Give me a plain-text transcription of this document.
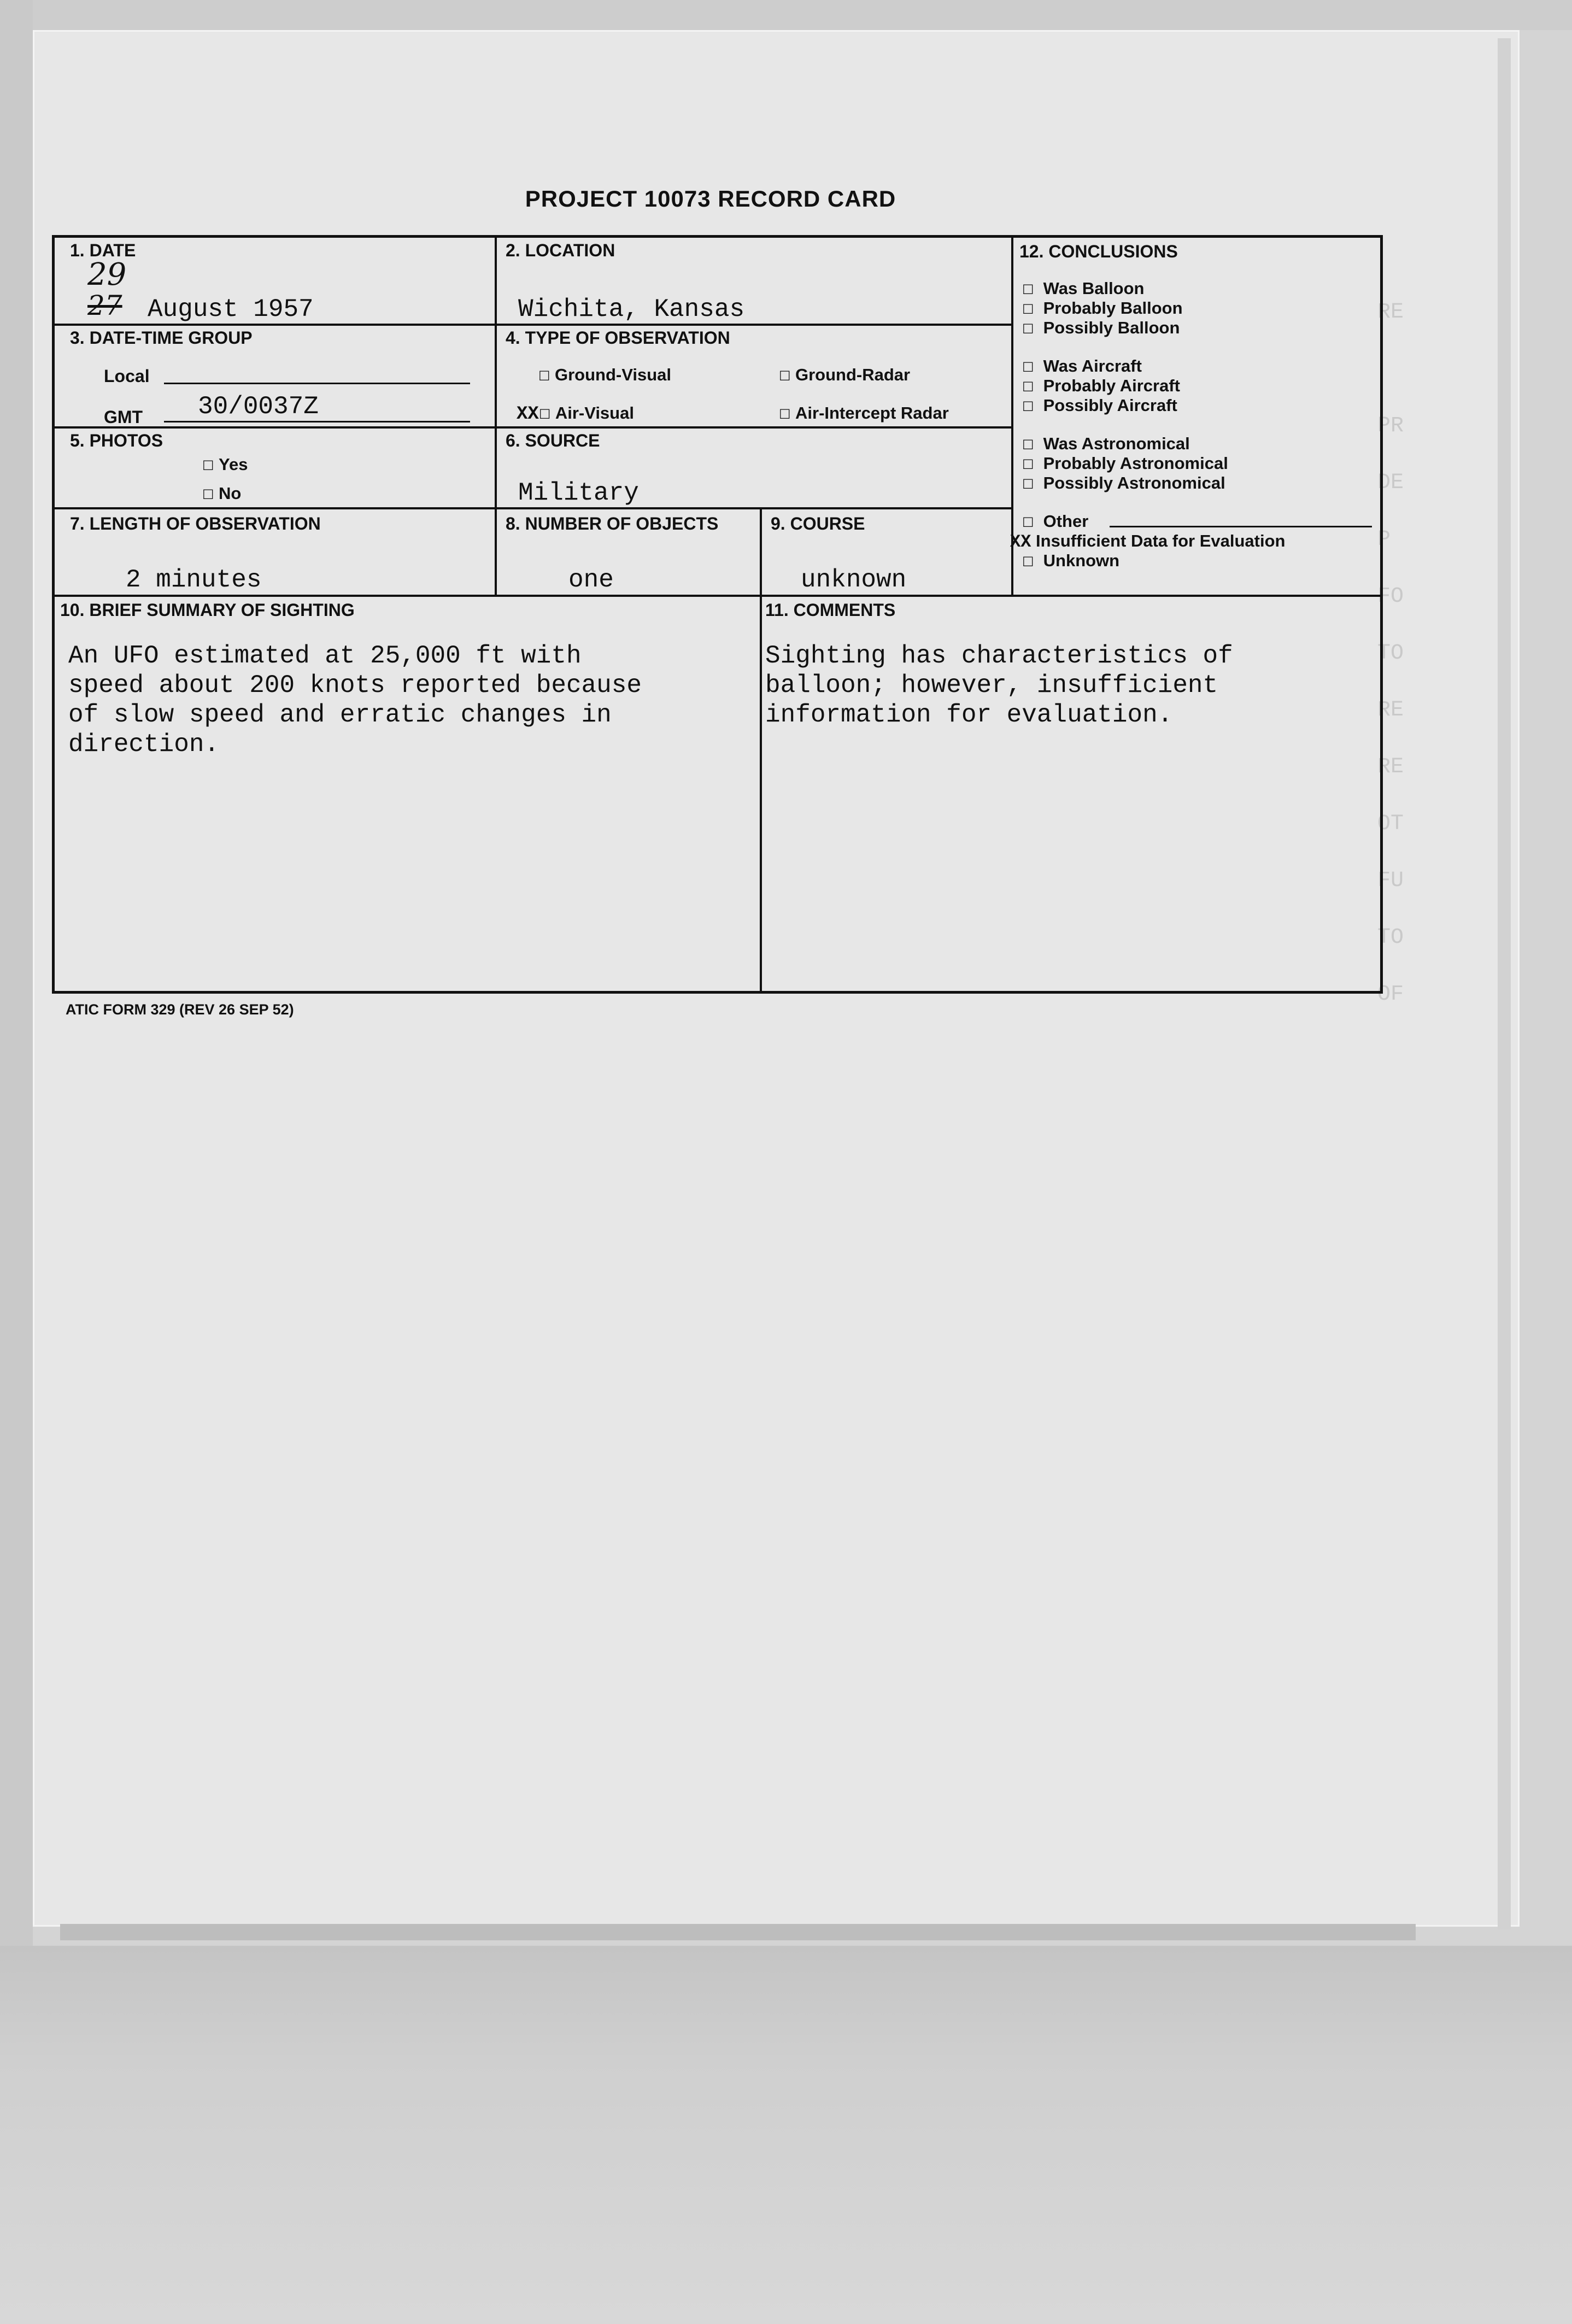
RE

PR
DE
P
FO
TO
RE
RE
OT
FU
TO
OF

PROJECT 10073 RECORD CARD
1. DATE
29
27 August 1957
2. LOCATION
Wichita, Kansas
3. DATE-TIME GROUP
Local
GMT 30/0037Z
4. TYPE OF OBSERVATION
☐ Ground-Visual	☐ Ground-Radar
XX☐ Air-Visual	☐ Air-Intercept Radar
5. PHOTOS
☐ Yes
☐ No
6. SOURCE
Military
7. LENGTH OF OBSERVATION
2 minutes
8. NUMBER OF OBJECTS
one
9. COURSE
unknown
10. BRIEF SUMMARY OF SIGHTING
An UFO estimated at 25,000 ft with
speed about 200 knots reported because
of slow speed and erratic changes in
direction.
11. COMMENTS
Sighting has characteristics of
balloon; however, insufficient
information for evaluation.
12. CONCLUSIONS
☐ Was Balloon
☐ Probably Balloon
☐ Possibly Balloon
☐ Was Aircraft
☐ Probably Aircraft
☐ Possibly Aircraft
☐ Was Astronomical
☐ Probably Astronomical
☐ Possibly Astronomical
☐ Other
XX Insufficient Data for Evaluation
☐ Unknown
ATIC FORM 329 (REV 26 SEP 52)
